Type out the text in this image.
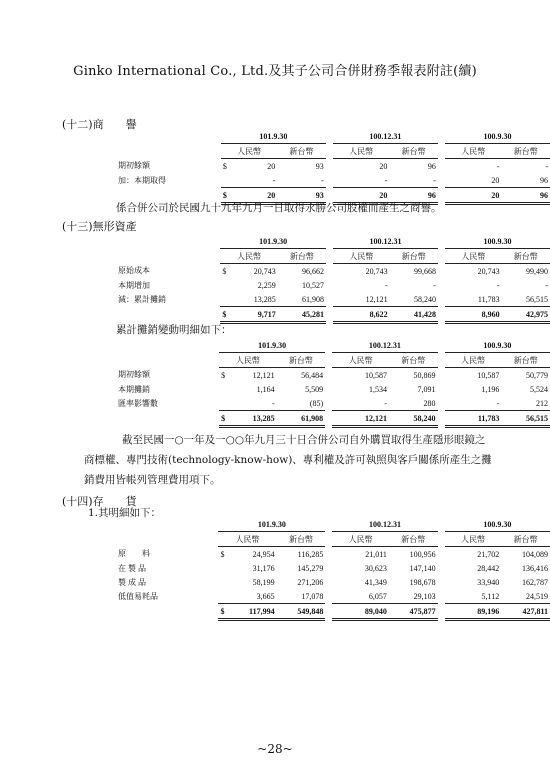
Ginko International Co., Ltd.及其子公司合併財務季報表附註(續)
(十二)商　　譽
	101.9.30				100.12.31				100.9.30		
	人民幣		新台幣		人民幣		新台幣		人民幣		新台幣
期初餘額	$	20	93			20	96			-	-
加：本期取得		-	-			-	-			20	96
	$	20	93			20	96			20	96
係合併公司於民國九十九年九月一日取得永勝公司股權而產生之商譽。
(十三)無形資產
	101.9.30				100.12.31				100.9.30		
	人民幣		新台幣		人民幣		新台幣		人民幣		新台幣
原始成本	$	20,743	96,662			20,743	99,668			20,743	99,490
本期增加		2,259	10,527			-	-			-	-
減：累計攤銷		13,285	61,908			12,121	58,240			11,783	56,515
	$	9,717	45,281			8,622	41,428			8,960	42,975
累計攤銷變動明細如下：
	101.9.30				100.12.31				100.9.30		
	人民幣		新台幣		人民幣		新台幣		人民幣		新台幣
期初餘額	$	12,121	56,484			10,587	50,869			10,587	50,779
本期攤銷		1,164	5,509			1,534	7,091			1,196	5,524
匯率影響數		-	(85)			-	280			-	212
	$	13,285	61,908			12,121	58,240			11,783	56,515
截至民國一○一年及一○○年九月三十日合併公司自外購買取得生產隱形眼鏡之
商標權、專門技術(technology-know-how)、專利權及許可執照與客戶關係所產生之攤
銷費用皆帳列管理費用項下。
(十四)存　　貨
1.其明細如下：
	101.9.30				100.12.31				100.9.30		
	人民幣		新台幣		人民幣		新台幣		人民幣		新台幣
原　　料	$	24,954	116,285			21,011	100,956			21,702	104,089
在 製 品		31,176	145,279			30,623	147,140			28,442	136,416
製 成 品		58,199	271,206			41,349	198,678			33,940	162,787
低值易耗品		3,665	17,078			6,057	29,103			5,112	24,519
	$	117,994	549,848			89,040	475,877			89,196	427,811
~28~
